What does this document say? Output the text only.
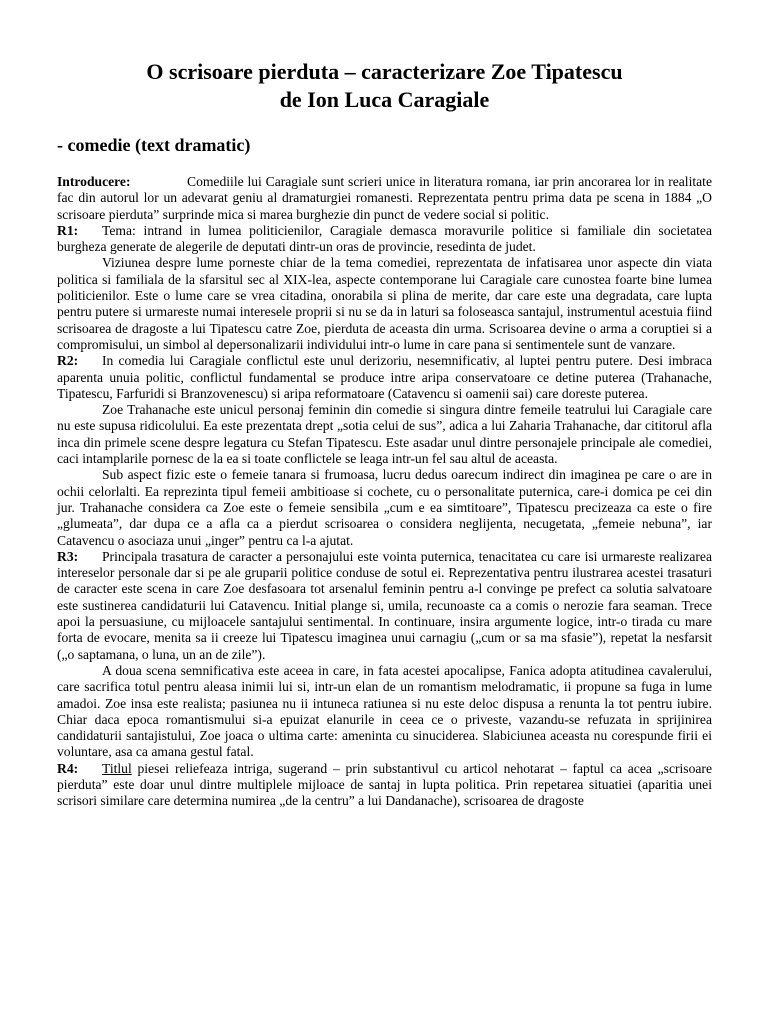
O scrisoare pierduta – caracterizare Zoe Tipatescu
de Ion Luca Caragiale

- comedie (text dramatic)

Introducere:	Comediile lui Caragiale sunt scrieri unice in literatura romana, iar prin ancorarea lor in realitate fac din autorul lor un adevarat geniu al dramaturgiei romanesti. Reprezentata pentru prima data pe scena in 1884 „O scrisoare pierduta” surprinde mica si marea burghezie din punct de vedere social si politic.

R1: Tema: intrand in lumea politicienilor, Caragiale demasca moravurile politice si familiale din societatea burgheza generate de alegerile de deputati dintr-un oras de provincie, resedinta de judet.

Viziunea despre lume porneste chiar de la tema comediei, reprezentata de infatisarea unor aspecte din viata politica si familiala de la sfarsitul sec al XIX-lea, aspecte contemporane lui Caragiale care cunostea foarte bine lumea politicienilor. Este o lume care se vrea citadina, onorabila si plina de merite, dar care este una degradata, care lupta pentru putere si urmareste numai interesele proprii si nu se da in laturi sa foloseasca santajul, instrumentul acestuia fiind scrisoarea de dragoste a lui Tipatescu catre Zoe, pierduta de aceasta din urma. Scrisoarea devine o arma a coruptiei si a compromisului, un simbol al depersonalizarii individului intr-o lume in care pana si sentimentele sunt de vanzare.

R2: In comedia lui Caragiale conflictul este unul derizoriu, nesemnificativ, al luptei pentru putere. Desi imbraca aparenta unuia politic, conflictul fundamental se produce intre aripa conservatoare ce detine puterea (Trahanache, Tipatescu, Farfuridi si Branzovenescu) si aripa reformatoare (Catavencu si oamenii sai) care doreste puterea.

Zoe Trahanache este unicul personaj feminin din comedie si singura dintre femeile teatrului lui Caragiale care nu este supusa ridicolului. Ea este prezentata drept „sotia celui de sus”, adica a lui Zaharia Trahanache, dar cititorul afla inca din primele scene despre legatura cu Stefan Tipatescu. Este asadar unul dintre personajele principale ale comediei, caci intamplarile pornesc de la ea si toate conflictele se leaga intr-un fel sau altul de aceasta.

Sub aspect fizic este o femeie tanara si frumoasa, lucru dedus oarecum indirect din imaginea pe care o are in ochii celorlalti. Ea reprezinta tipul femeii ambitioase si cochete, cu o personalitate puternica, care-i domica pe cei din jur. Trahanache considera ca Zoe este o femeie sensibila „cum e ea simtitoare”, Tipatescu precizeaza ca este o fire „glumeata”, dar dupa ce a afla ca a pierdut scrisoarea o considera neglijenta, necugetata, „femeie nebuna”, iar Catavencu o asociaza unui „inger” pentru ca l-a ajutat.

R3: Principala trasatura de caracter a personajului este vointa puternica, tenacitatea cu care isi urmareste realizarea intereselor personale dar si pe ale gruparii politice conduse de sotul ei. Reprezentativa pentru ilustrarea acestei trasaturi de caracter este scena in care Zoe desfasoara tot arsenalul feminin pentru a-l convinge pe prefect ca solutia salvatoare este sustinerea candidaturii lui Catavencu. Initial plange si, umila, recunoaste ca a comis o nerozie fara seaman. Trece apoi la persuasiune, cu mijloacele santajului sentimental. In continuare, insira argumente logice, intr-o tirada cu mare forta de evocare, menita sa ii creeze lui Tipatescu imaginea unui carnagiu („cum or sa ma sfasie”), repetat la nesfarsit („o saptamana, o luna, un an de zile”).

A doua scena semnificativa este aceea in care, in fata acestei apocalipse, Fanica adopta atitudinea cavalerului, care sacrifica totul pentru aleasa inimii lui si, intr-un elan de un romantism melodramatic, ii propune sa fuga in lume amadoi. Zoe insa este realista; pasiunea nu ii intuneca ratiunea si nu este deloc dispusa a renunta la tot pentru iubire. Chiar daca epoca romantismului si-a epuizat elanurile in ceea ce o priveste, vazandu-se refuzata in sprijinirea candidaturii santajistului, Zoe joaca o ultima carte: ameninta cu sinuciderea. Slabiciunea aceasta nu corespunde firii ei voluntare, asa ca amana gestul fatal.

R4: Titlul piesei reliefeaza intriga, sugerand – prin substantivul cu articol nehotarat – faptul ca acea „scrisoare pierduta” este doar unul dintre multiplele mijloace de santaj in lupta politica. Prin repetarea situatiei (aparitia unei scrisori similare care determina numirea „de la centru” a lui Dandanache), scrisoarea de dragoste
